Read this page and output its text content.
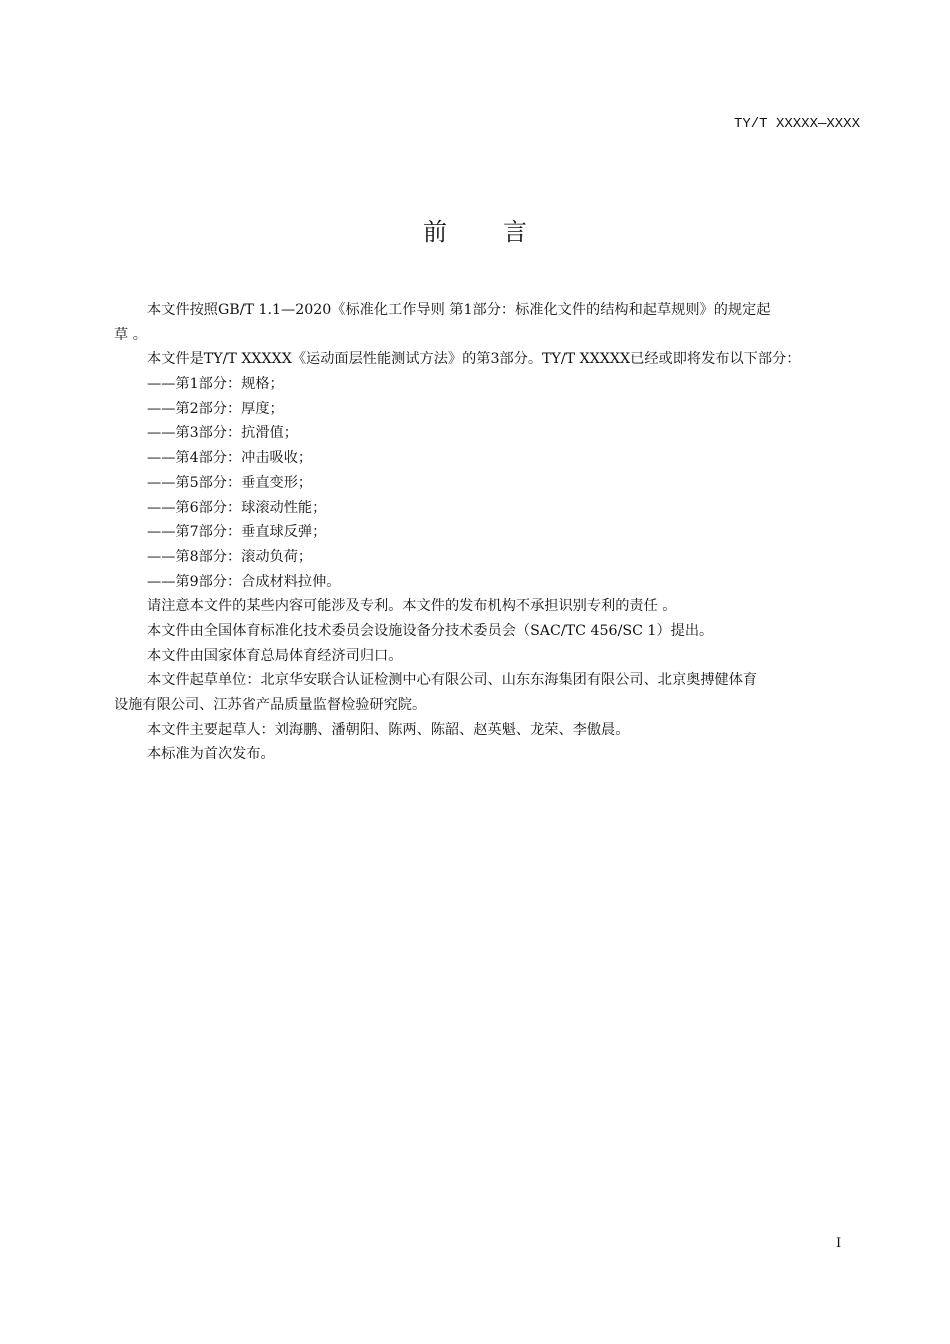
TY/T XXXXX—XXXX
前言
本文件按照GB/T 1.1—2020《标准化工作导则 第1部分：标准化文件的结构和起草规则》的规定起
草 。
本文件是TY/T XXXXX《运动面层性能测试方法》的第3部分。TY/T XXXXX已经或即将发布以下部分：
——第1部分：规格；
——第2部分：厚度；
——第3部分：抗滑值；
——第4部分：冲击吸收；
——第5部分：垂直变形；
——第6部分：球滚动性能；
——第7部分：垂直球反弹；
——第8部分：滚动负荷；
——第9部分：合成材料拉伸。
请注意本文件的某些内容可能涉及专利。本文件的发布机构不承担识别专利的责任 。
本文件由全国体育标准化技术委员会设施设备分技术委员会（SAC/TC 456/SC 1）提出。
本文件由国家体育总局体育经济司归口。
本文件起草单位：北京华安联合认证检测中心有限公司、山东东海集团有限公司、北京奥搏健体育
设施有限公司、江苏省产品质量监督检验研究院。
本文件主要起草人：刘海鹏、潘朝阳、陈两、陈韶、赵英魁、龙荣、李傲晨。
本标准为首次发布。
I
